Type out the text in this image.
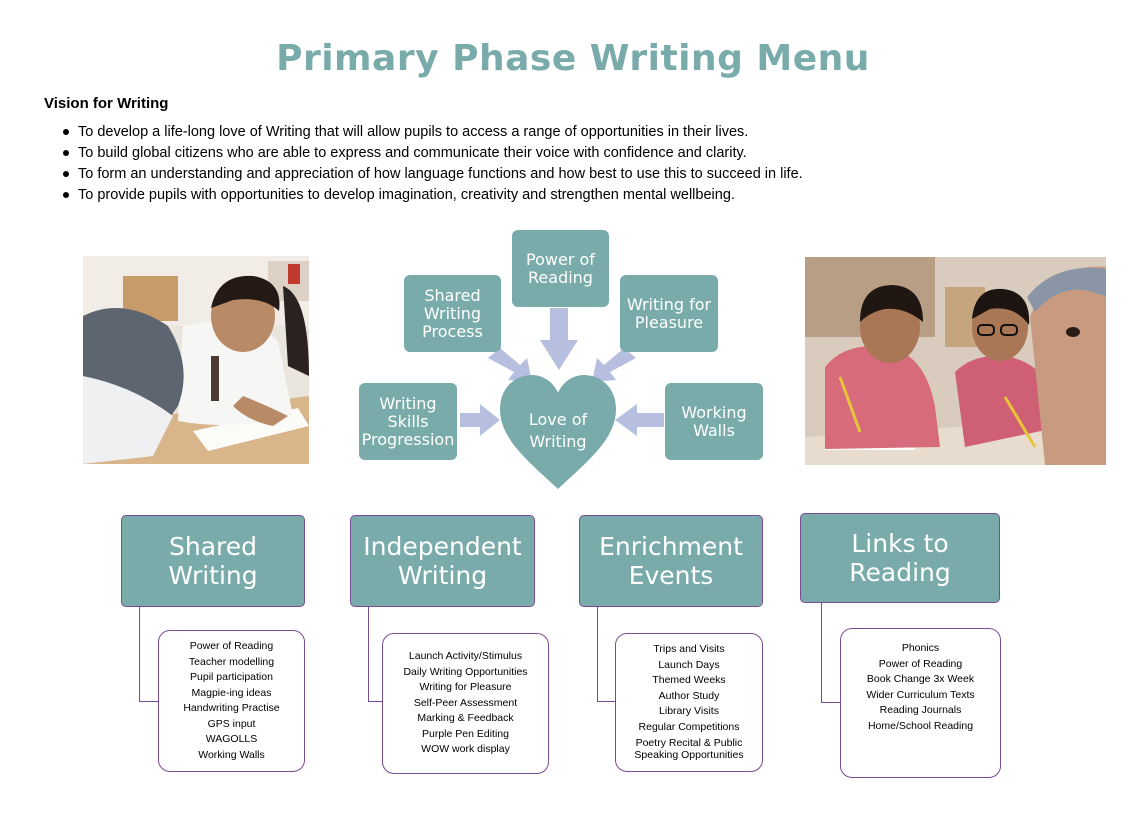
Primary Phase Writing Menu
Vision for Writing
To develop a life-long love of Writing that will allow pupils to access a range of opportunities in their lives.
To build global citizens who are able to express and communicate their voice with confidence and clarity.
To form an understanding and appreciation of how language functions and how best to use this to succeed in life.
To provide pupils with opportunities to develop imagination, creativity and strengthen mental wellbeing.
Love of
Writing
Power of
Reading
Shared
Writing
Process
Writing for
Pleasure
Writing
Skills
Progression
Working
Walls
Shared
Writing
Power of Reading
Teacher modelling
Pupil participation
Magpie-ing ideas
Handwriting Practise
GPS input
WAGOLLS
Working Walls
Independent
Writing
Launch Activity/Stimulus
Daily Writing Opportunities
Writing for Pleasure
Self-Peer Assessment
Marking & Feedback
Purple Pen Editing
WOW work display
Enrichment
Events
Trips and Visits
Launch Days
Themed Weeks
Author Study
Library Visits
Regular Competitions
Poetry Recital & Public
Speaking Opportunities
Links to
Reading
Phonics
Power of Reading
Book Change 3x Week
Wider Curriculum Texts
Reading Journals
Home/School Reading
